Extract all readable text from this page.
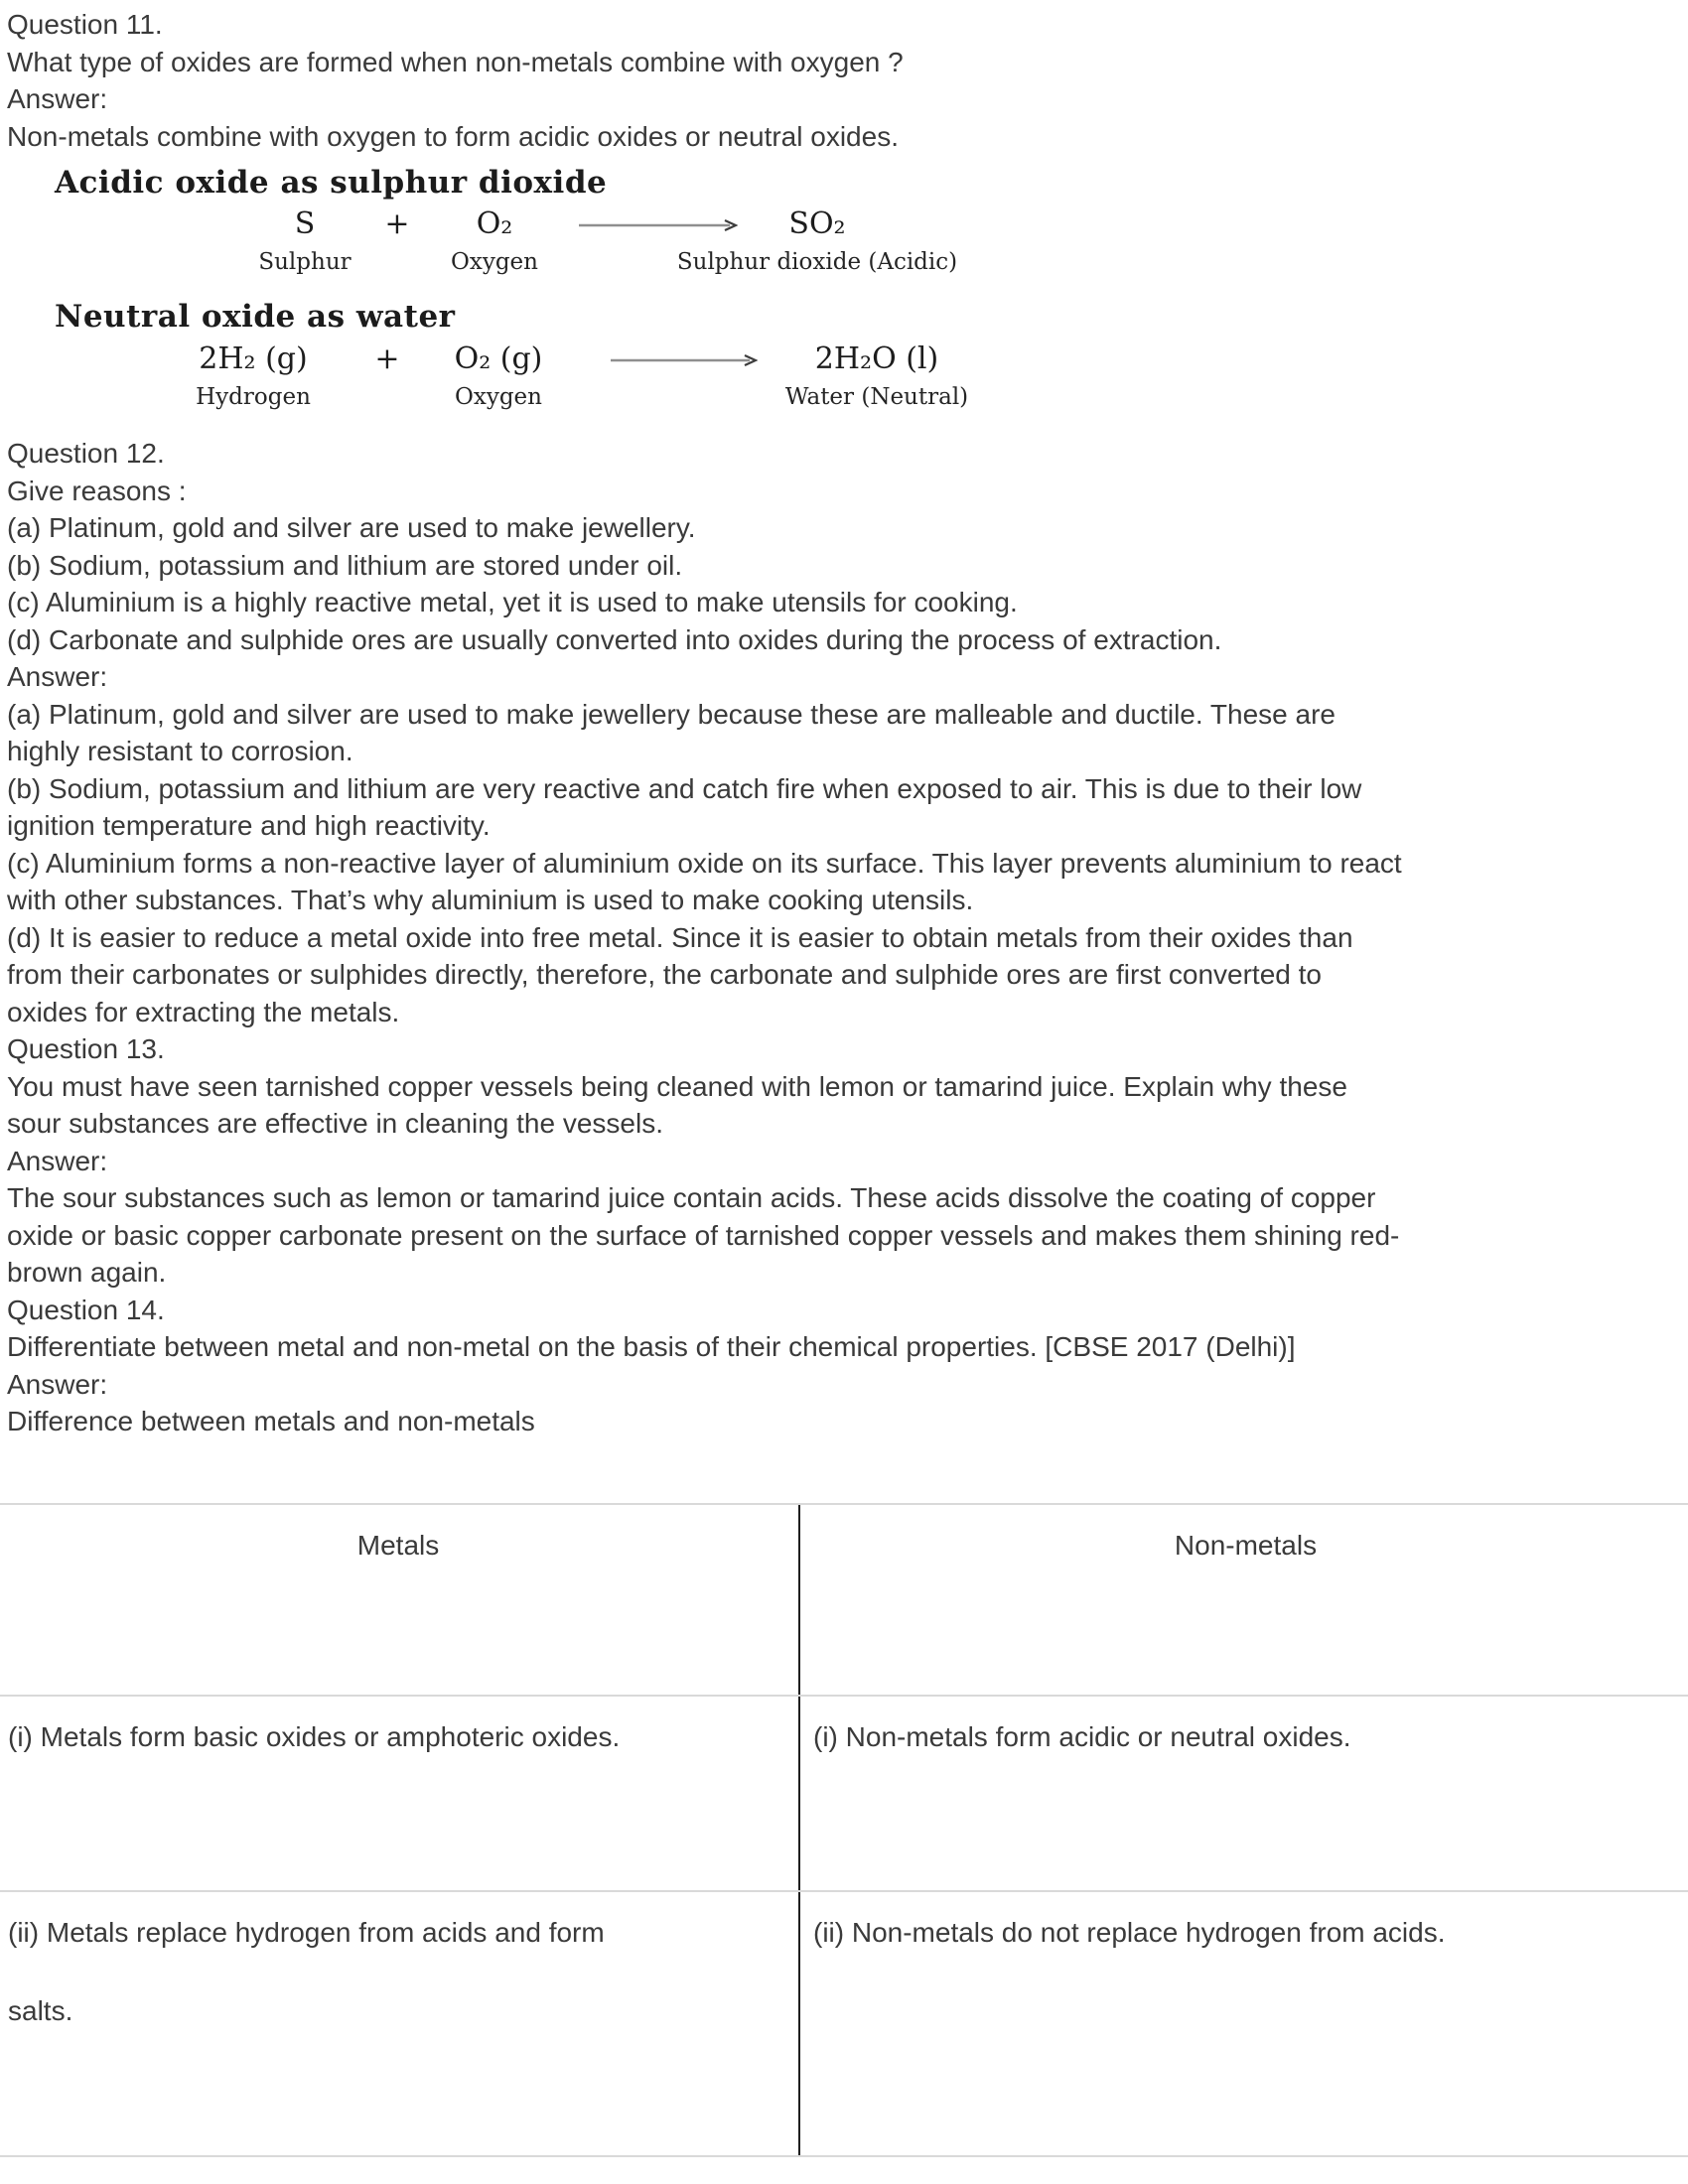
Question 11.
What type of oxides are formed when non-metals combine with oxygen ?
Answer:
Non-metals combine with oxygen to form acidic oxides or neutral oxides.
Acidic oxide as sulphur dioxide
S
Sulphur
+ O₂
Oxygen
SO₂
Sulphur dioxide (Acidic)
Neutral oxide as water
2H₂ (g)
Hydrogen
+ O₂ (g)
Oxygen
2H₂O (l)
Water (Neutral)
Question 12.
Give reasons :
(a) Platinum, gold and silver are used to make jewellery.
(b) Sodium, potassium and lithium are stored under oil.
(c) Aluminium is a highly reactive metal, yet it is used to make utensils for cooking.
(d) Carbonate and sulphide ores are usually converted into oxides during the process of extraction.
Answer:
(a) Platinum, gold and silver are used to make jewellery because these are malleable and ductile. These are
highly resistant to corrosion.
(b) Sodium, potassium and lithium are very reactive and catch fire when exposed to air. This is due to their low
ignition temperature and high reactivity.
(c) Aluminium forms a non-reactive layer of aluminium oxide on its surface. This layer prevents aluminium to react
with other substances. That’s why aluminium is used to make cooking utensils.
(d) It is easier to reduce a metal oxide into free metal. Since it is easier to obtain metals from their oxides than
from their carbonates or sulphides directly, therefore, the carbonate and sulphide ores are first converted to
oxides for extracting the metals.
Question 13.
You must have seen tarnished copper vessels being cleaned with lemon or tamarind juice. Explain why these
sour substances are effective in cleaning the vessels.
Answer:
The sour substances such as lemon or tamarind juice contain acids. These acids dissolve the coating of copper
oxide or basic copper carbonate present on the surface of tarnished copper vessels and makes them shining red-
brown again.
Question 14.
Differentiate between metal and non-metal on the basis of their chemical properties. [CBSE 2017 (Delhi)]
Answer:
Difference between metals and non-metals
Metals	Non-metals
(i) Metals form basic oxides or amphoteric oxides.	(i) Non-metals form acidic or neutral oxides.
(ii) Metals replace hydrogen from acids and form
salts.
(ii) Non-metals do not replace hydrogen from acids.
